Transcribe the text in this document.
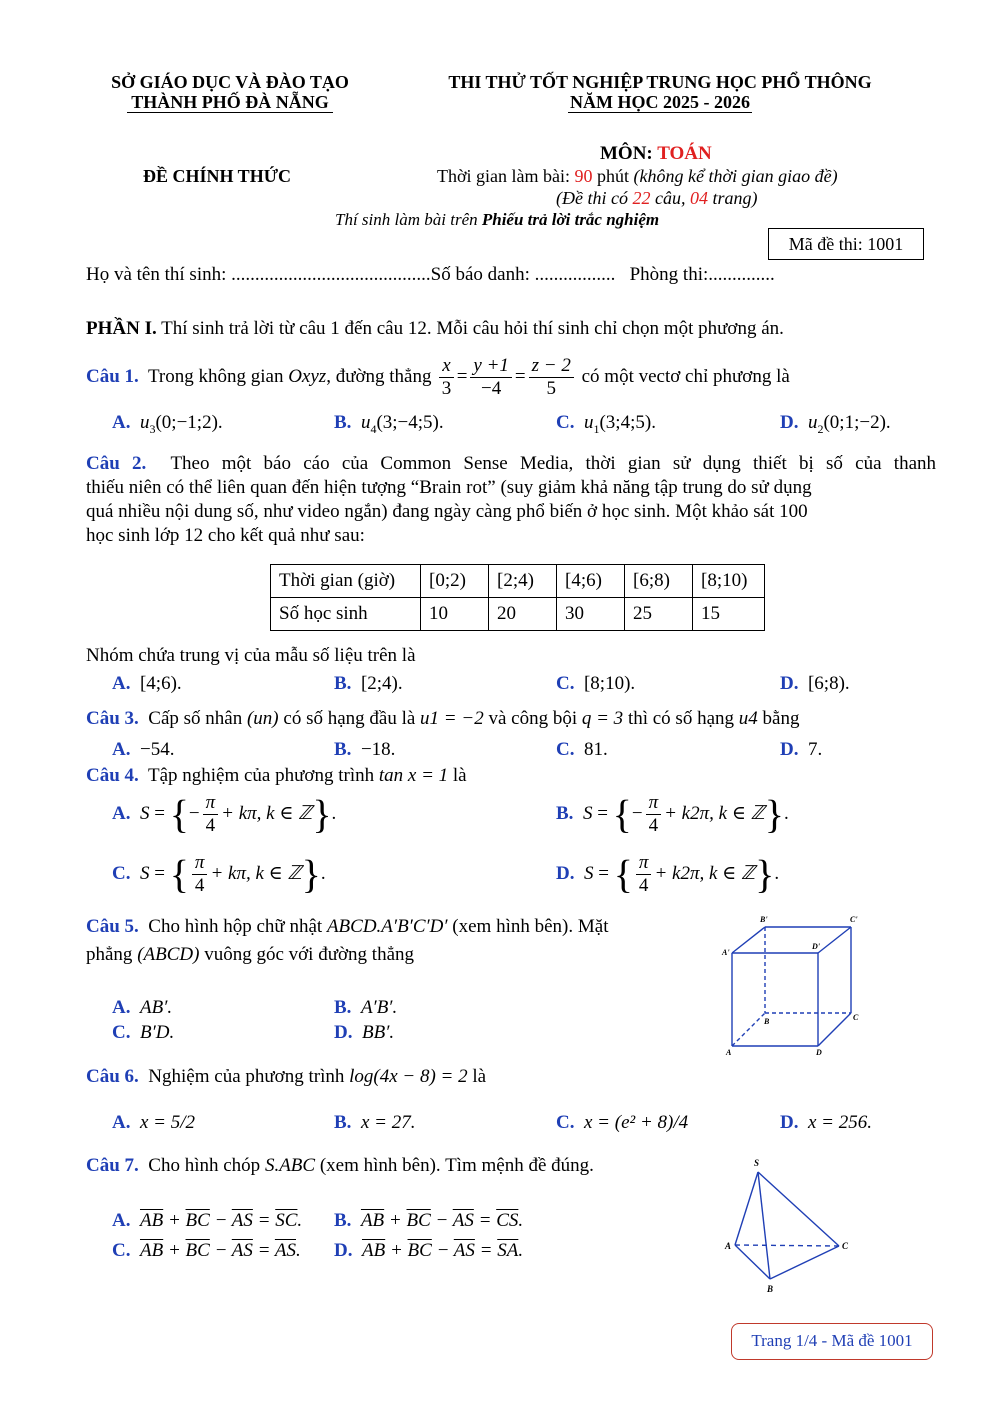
SỞ GIÁO DỤC VÀ ĐÀO TẠO
THÀNH PHỐ ĐÀ NẴNG
THI THỬ TỐT NGHIỆP TRUNG HỌC PHỔ THÔNG
NĂM HỌC 2025 - 2026
MÔN: TOÁN
ĐỀ CHÍNH THỨC	Thời gian làm bài: 90 phút (không kể thời gian giao đề)
(Đề thi có 22 câu, 04 trang)
Thí sinh làm bài trên Phiếu trả lời trắc nghiệm
Mã đề thi: 1001
Họ và tên thí sinh: ..........................................Số báo danh: ................. Phòng thi:..............
PHẦN I. Thí sinh trả lời từ câu 1 đến câu 12. Mỗi câu hỏi thí sinh chỉ chọn một phương án.
Câu 1. Trong không gian Oxyz, đường thẳng $\frac{x}{3} = \frac{y +1}{-4} = \frac{z - 2}{5}$ có một vectơ chỉ phương là
A. $u_3(0;-1;2)$.	B. $u_4(3;-4;5)$.	C. $u_1(3;4;5)$.	D. $u_2(0;1;-2)$.
Câu 2. Theo một báo cáo của Common Sense Media, thời gian sử dụng thiết bị số của thanh
thiếu niên có thể liên quan đến hiện tượng “Brain rot” (suy giảm khả năng tập trung do sử dụng
quá nhiều nội dung số, như video ngắn) đang ngày càng phổ biến ở học sinh. Một khảo sát 100
học sinh lớp 12 cho kết quả như sau:
Thời gian (giờ)	[0;2)	[2;4)	[4;6)	[6;8)	[8;10)
Số học sinh	10	20	30	25	15
Nhóm chứa trung vị của mẫu số liệu trên là
A. [4;6).	B. [2;4).	C. [8;10).	D. [6;8).
Câu 3. Cấp số nhân (un) có số hạng đầu là u1 = −2 và công bội q = 3 thì có số hạng u4 bằng
A. −54.	B. −18.	C. 81.	D. 7.
Câu 4. Tập nghiệm của phương trình tan x = 1 là
A. S = {− $\frac{\pi}{4} + k\pi$, k ∈ ℤ}.	B. S = {− $\frac{\pi}{4} + k2\pi$, k ∈ ℤ}.
C. S = { $\frac{\pi}{4} + k\pi$, k ∈ ℤ}.	D. S = { $\frac{\pi}{4} + k2\pi$, k ∈ ℤ}.
Câu 5. Cho hình hộp chữ nhật ABCD.A′B′C′D′ (xem hình bên). Mặt
phẳng (ABCD) vuông góc với đường thẳng
A. AB′.	B. A′B′.
C. B′D.	D. BB′.
B'	C'
A'
D'
B	C
A	D
Câu 6. Nghiệm của phương trình log(4x − 8) = 2 là
A. x = 5/2	B. x = 27.	C. x = (e² + 8)/4	D. x = 256.
Câu 7. Cho hình chóp S.ABC (xem hình bên). Tìm mệnh đề đúng.
A. $\overline{AB} + \overline{BC} - \overline{AS} = \overline{SC}$. B. $\overline{AB} + \overline{BC} - \overline{AS} = \overline{CS}$.
C. $\overline{AB} + \overline{BC} - \overline{AS} = \overline{AS}$. D. $\overline{AB} + \overline{BC} - \overline{AS} = \overline{SA}$.
S
A
B
C
Trang 1/4 - Mã đề 1001
